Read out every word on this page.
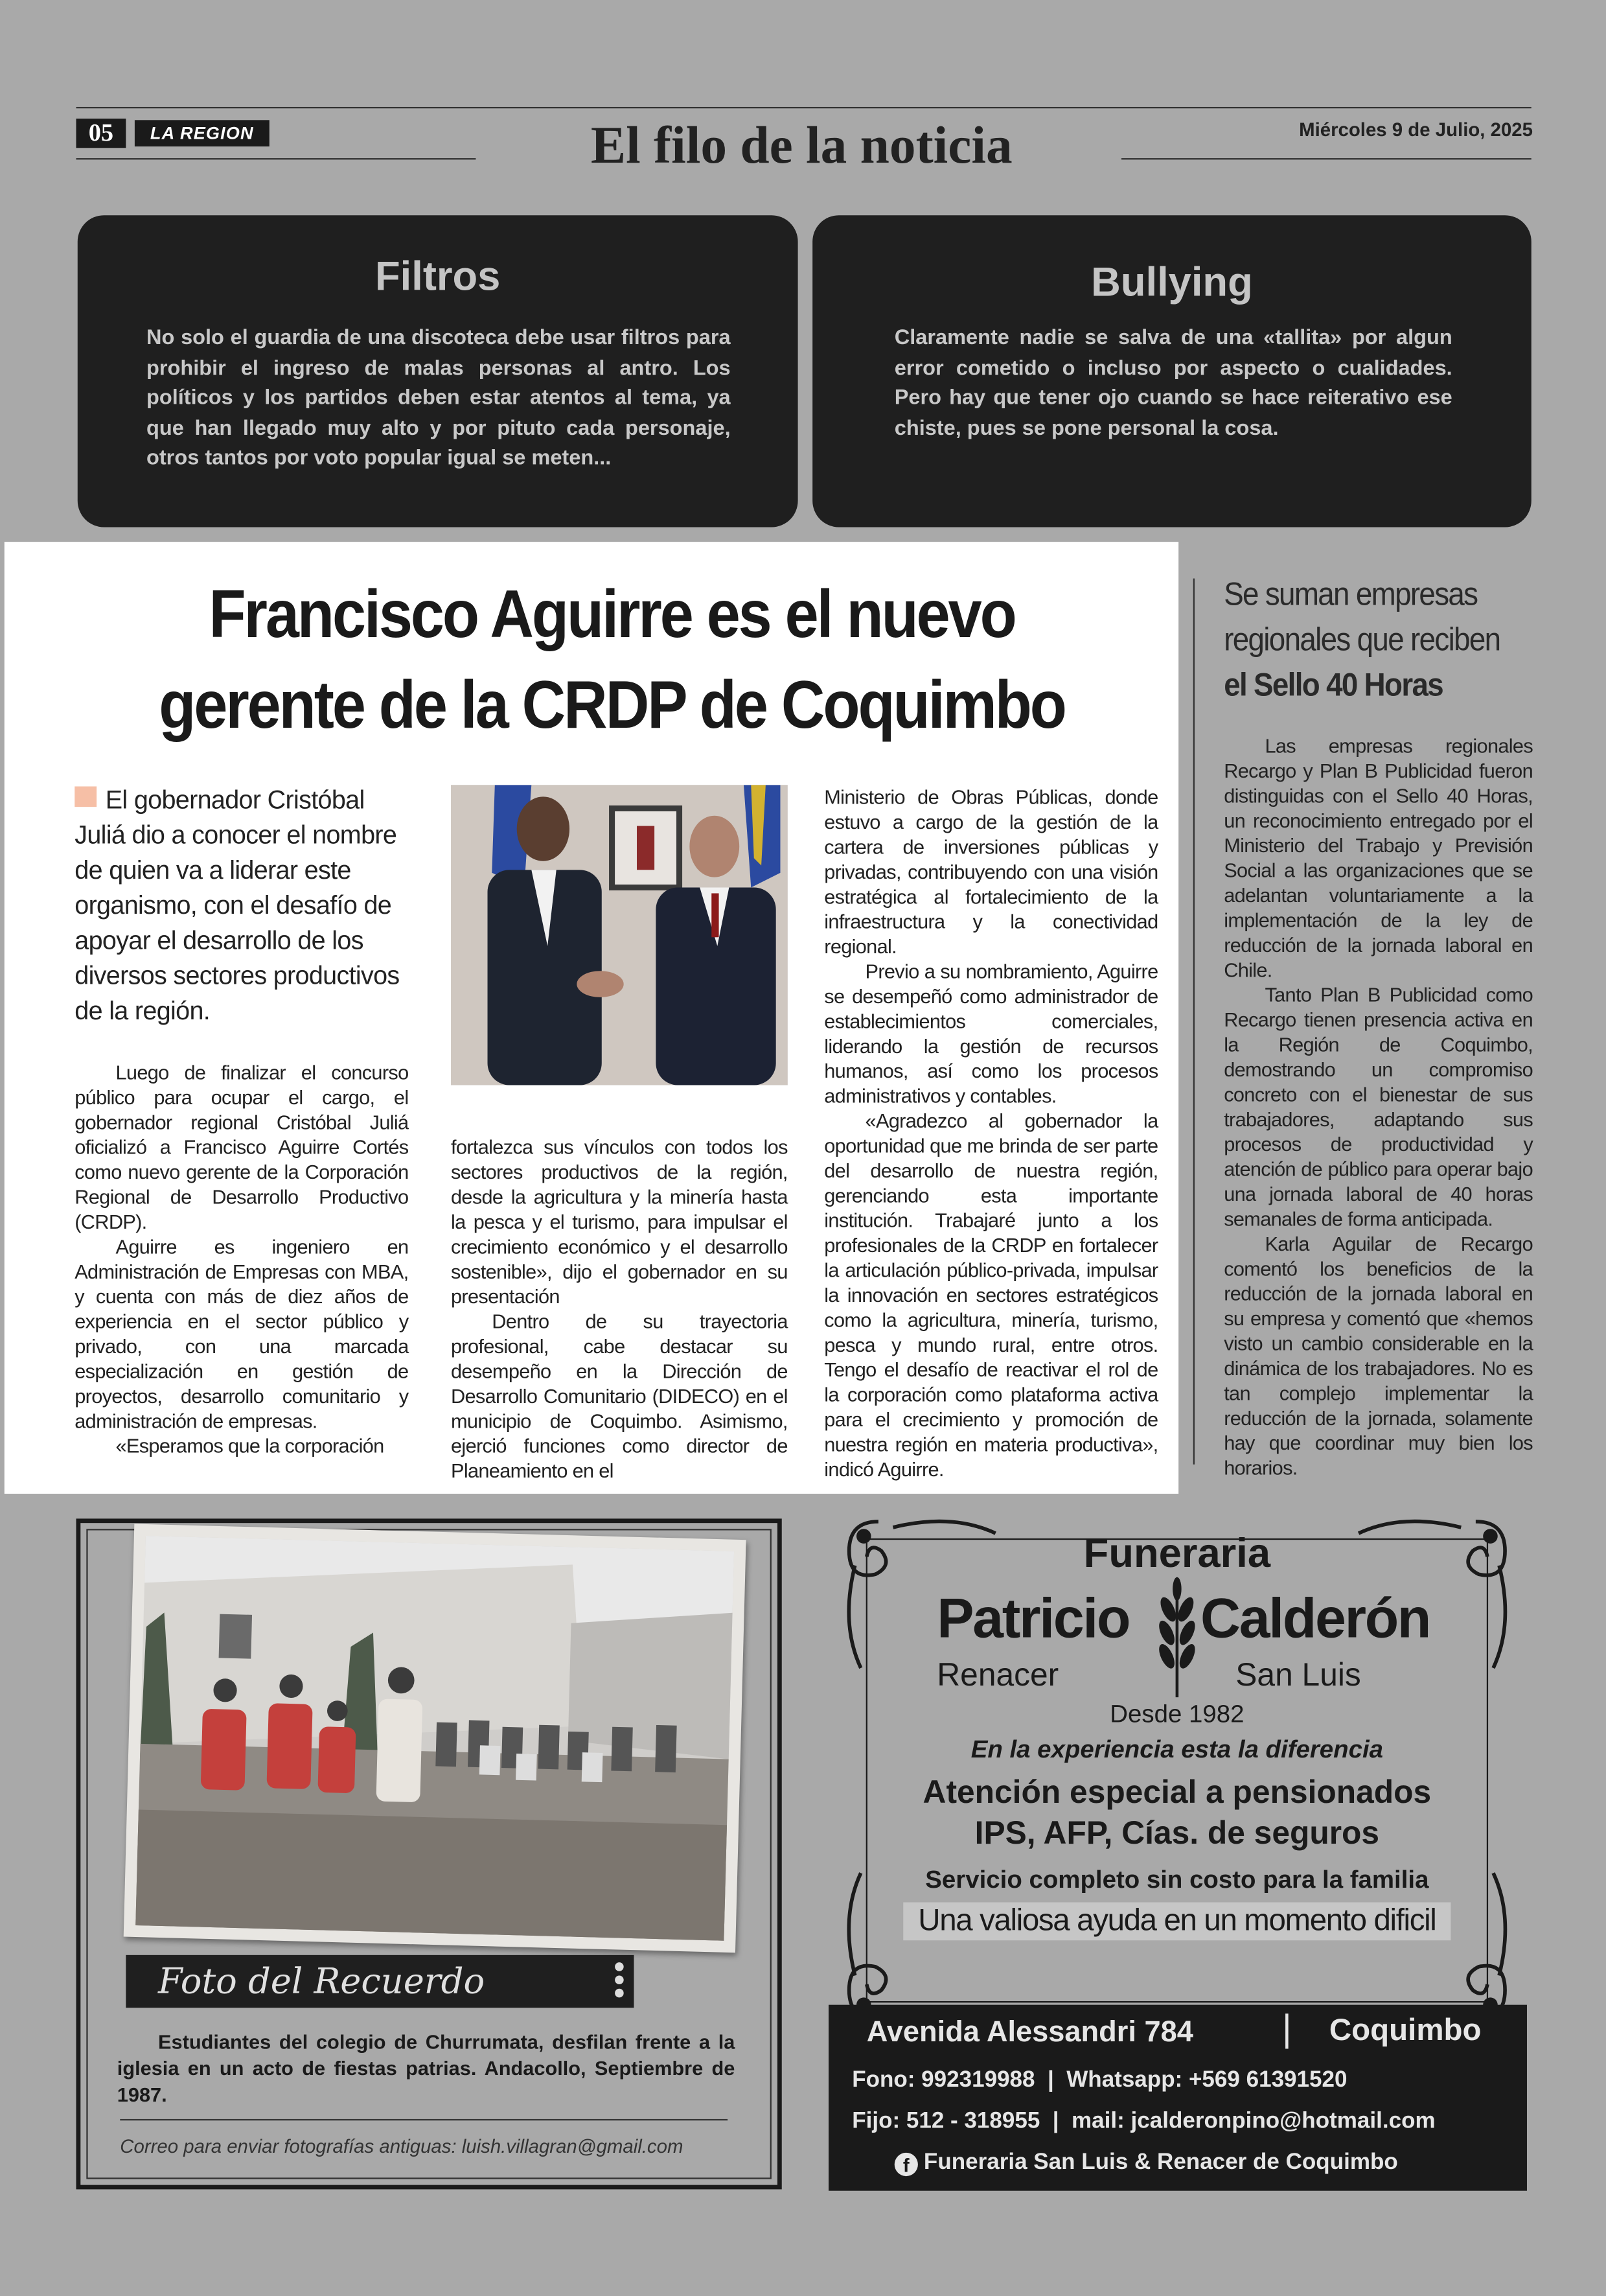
05	LA REGION	El filo de la noticia	Miércoles 9 de Julio, 2025
Filtros

No solo el guardia de una discoteca debe usar filtros para prohibir el ingreso de malas personas al antro. Los políticos y los partidos deben estar atentos al tema, ya que han llegado muy alto y por pituto cada personaje, otros tantos por voto popular igual se meten...

Bullying

Claramente nadie se salva de una «tallita» por algun error cometido o incluso por aspecto o cualidades. Pero hay que tener ojo cuando se hace reiterativo ese chiste, pues se pone personal la cosa.

Francisco Aguirre es el nuevo
gerente de la CRDP de Coquimbo
El gobernador Cristóbal Juliá dio a conocer el nombre de quien va a liderar este organismo, con el desafío de apoyar el desarrollo de los diversos sectores productivos de la región.

Luego de finalizar el concurso público para ocupar el cargo, el gobernador regional Cristóbal Juliá oficializó a Francisco Aguirre Cortés como nuevo gerente de la Corporación Regional de Desarrollo Productivo (CRDP).

Aguirre es ingeniero en Administración de Empresas con MBA, y cuenta con más de diez años de experiencia en el sector público y privado, con una marcada especialización en gestión de proyectos, desarrollo comunitario y administración de empresas.

«Esperamos que la corporación

fortalezca sus vínculos con todos los sectores productivos de la región, desde la agricultura y la minería hasta la pesca y el turismo, para impulsar el crecimiento económico y el desarrollo sostenible», dijo el gobernador en su presentación

Dentro de su trayectoria profesional, cabe destacar su desempeño en la Dirección de Desarrollo Comunitario (DIDECO) en el municipio de Coquimbo. Asimismo, ejerció funciones como director de Planeamiento en el

Ministerio de Obras Públicas, donde estuvo a cargo de la gestión de la cartera de inversiones públicas y privadas, contribuyendo con una visión estratégica al fortalecimiento de la infraestructura y la conectividad regional.

Previo a su nombramiento, Aguirre se desempeñó como administrador de establecimientos comerciales, liderando la gestión de recursos humanos, así como los procesos administrativos y contables.

«Agradezco al gobernador la oportunidad que me brinda de ser parte del desarrollo de nuestra región, gerenciando esta importante institución. Trabajaré junto a los profesionales de la CRDP en fortalecer la articulación público-privada, impulsar la innovación en sectores estratégicos como la agricultura, minería, turismo, pesca y mundo rural, entre otros. Tengo el desafío de reactivar el rol de la corporación como plataforma activa para el crecimiento y promoción de nuestra región en materia productiva», indicó Aguirre.

Se suman empresas
regionales que reciben
el Sello 40 Horas

Las empresas regionales Recargo y Plan B Publicidad fueron distinguidas con el Sello 40 Horas, un reconocimiento entregado por el Ministerio del Trabajo y Previsión Social a las organizaciones que se adelantan voluntariamente a la implementación de la ley de reducción de la jornada laboral en Chile.

Tanto Plan B Publicidad como Recargo tienen presencia activa en la Región de Coquimbo, demostrando un compromiso concreto con el bienestar de sus trabajadores, adaptando sus procesos de productividad y atención de público para operar bajo una jornada laboral de 40 horas semanales de forma anticipada.

Karla Aguilar de Recargo comentó los beneficios de la reducción de la jornada laboral en su empresa y comentó que «hemos visto un cambio considerable en la dinámica de los trabajadores. No es tan complejo implementar la reducción de la jornada, solamente hay que coordinar muy bien los horarios.

Foto del Recuerdo
Estudiantes del colegio de Churrumata, desfilan frente a la iglesia en un acto de fiestas patrias. Andacollo, Septiembre de 1987.
Correo para enviar fotografías antiguas: luish.villagran@gmail.com
Funeraria
Patricio	Calderón
Renacer	San Luis
Desde 1982
En la experiencia esta la diferencia
Atención especial a pensionados
IPS, AFP, Cías. de seguros
Servicio completo sin costo para la familia
Una valiosa ayuda en un momento dificil
Avenida Alessandri 784	Coquimbo
Fono: 992319988  |  Whatsapp: +569 61391520
Fijo: 512 - 318955  |  mail: jcalderonpino@hotmail.com
f Funeraria San Luis & Renacer de Coquimbo
